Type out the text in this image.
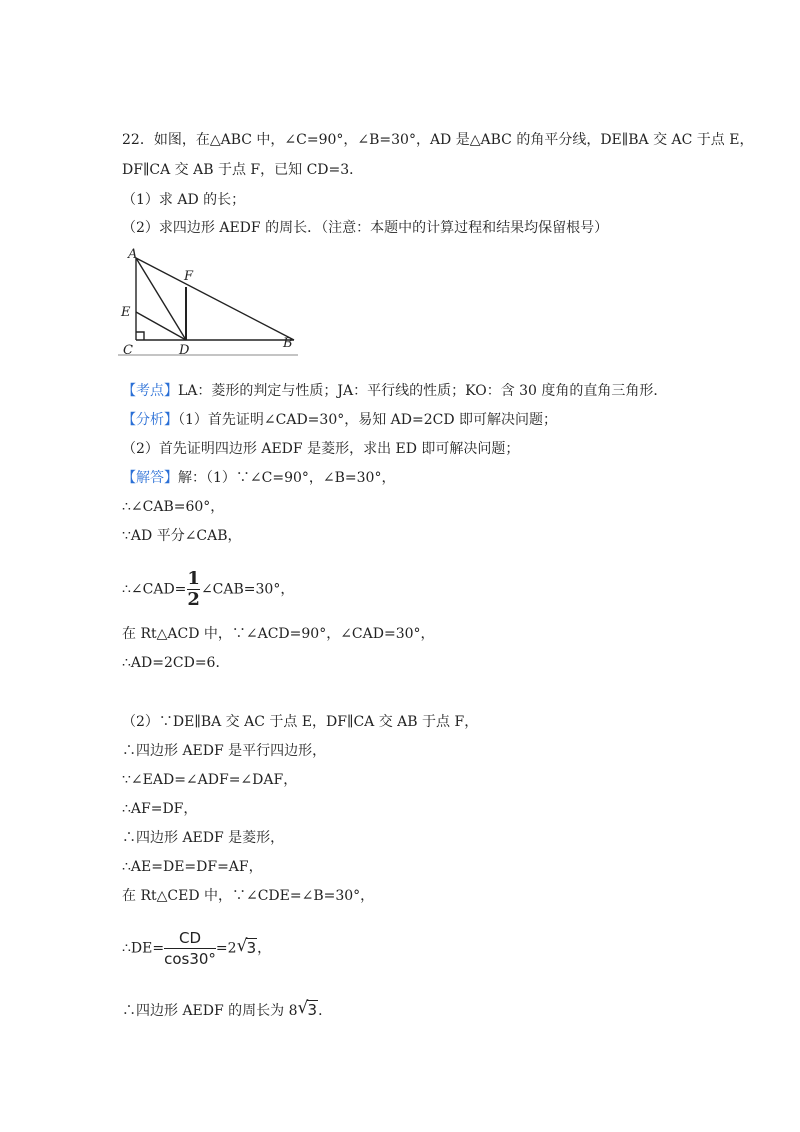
22．如图，在△ABC 中，∠C=90°，∠B=30°，AD 是△ABC 的角平分线，DE∥BA 交 AC 于点 E，
DF∥CA 交 AB 于点 F，已知 CD=3．
（1）求 AD 的长；
（2）求四边形 AEDF 的周长．（注意：本题中的计算过程和结果均保留根号）
A
E
C	D
F
B
【考点】LA：菱形的判定与性质；JA：平行线的性质；KO：含 30 度角的直角三角形．
【分析】（1）首先证明∠CAD=30°，易知 AD=2CD 即可解决问题；
（2）首先证明四边形 AEDF 是菱形，求出 ED 即可解决问题；
【解答】解：（1）∵∠C=90°，∠B=30°，
∴∠CAB=60°，
∵AD 平分∠CAB，
∴∠CAD= $\frac{1}{2}$ ∠CAB=30°，
在 Rt△ACD 中，∵∠ACD=90°，∠CAD=30°，
∴AD=2CD=6．
（2）∵DE∥BA 交 AC 于点 E，DF∥CA 交 AB 于点 F，
∴四边形 AEDF 是平行四边形，
∵∠EAD=∠ADF=∠DAF，
∴AF=DF，
∴四边形 AEDF 是菱形，
∴AE=DE=DF=AF，
在 Rt△CED 中，∵∠CDE=∠B=30°，
∴DE= $\frac{CD}{\cos 30^\circ} =2$ √ 3，
∴四边形 AEDF 的周长为 8 √ 3．
